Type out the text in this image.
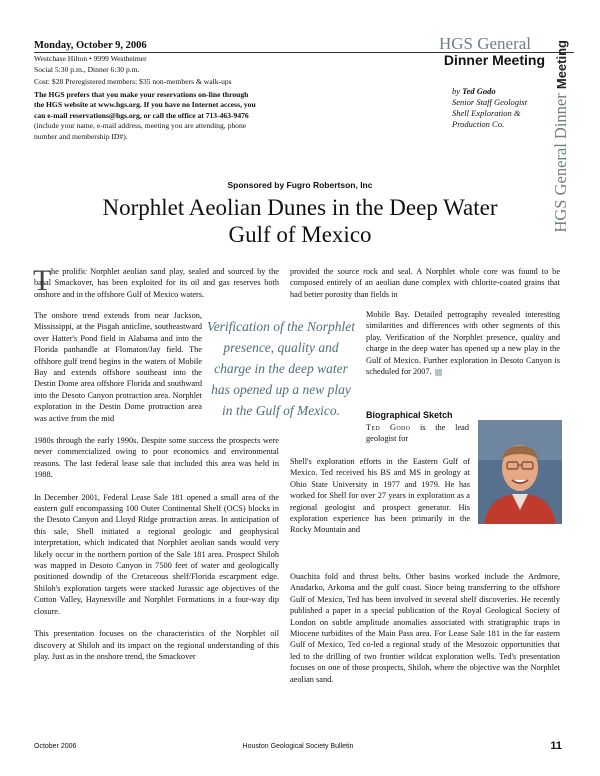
Monday, October 9, 2006

Westchase Hilton • 9999 Westheimer

Social 5:30 p.m., Dinner 6:30 p.m.

Cost: $28 Preregistered members; $35 non-members & walk-ups

The HGS prefers that you make your reservations on-line through

the HGS website at www.hgs.org. If you have no Internet access, you

can e-mail reservations@hgs.org, or call the office at 713-463-9476

(include your name, e-mail address, meeting you are attending, phone

number and membership ID#).

HGS General
Dinner Meeting
HGS General Dinner Meeting
by Ted Godo
Senior Staff Geologist
Shell Exploration &
Production Co.
Sponsored by Fugro Robertson, Inc
Norphlet Aeolian Dunes in the Deep Water
Gulf of Mexico
T he prolific Norphlet aeolian sand play, sealed and sourced by the basal Smackover, has been exploited for its oil and gas reserves both onshore and in the offshore Gulf of Mexico waters.

The onshore trend extends from near Jackson, Mississippi, at the Pisgah anticline, southeastward over Hatter's Pond field in Alabama and into the Florida panhandle at Flomaton/Jay field. The offshore gulf trend begins in the waters of Mobile Bay and extends offshore southeast into the Destin Dome area offshore Florida and southward into the Desoto Canyon protraction area. Norphlet exploration in the Destin Dome protraction area was active from the mid

Verification of the Norphlet presence, quality and charge in the deep water has opened up a new play in the Gulf of Mexico.

1980s through the early 1990s. Despite some success the prospects were never commercialized owing to poor economics and environmental reasons. The last federal lease sale that included this area was held in 1988.

In December 2001, Federal Lease Sale 181 opened a small area of the eastern gulf encompassing 100 Outer Continental Shelf (OCS) blocks in the Desoto Canyon and Lloyd Ridge protraction areas. In anticipation of this sale, Shell initiated a regional geologic and geophysical interpretation, which indicated that Norphlet aeolian sands would very likely occur in the northern portion of the Sale 181 area. Prospect Shiloh was mapped in Desoto Canyon in 7500 feet of water and geologically positioned downdip of the Cretaceous shelf/Florida escarpment edge. Shiloh's exploration targets were stacked Jurassic age objectives of the Cotton Valley, Haynesville and Norphlet Formations in a four-way dip closure.

This presentation focuses on the characteristics of the Norphlet oil discovery at Shiloh and its impact on the regional understanding of this play. Just as in the onshore trend, the Smackover

provided the source rock and seal. A Norphlet whole core was found to be composed entirely of an aeolian dune complex with chlorite-coated grains that had better porosity than fields in

Mobile Bay. Detailed petrography revealed interesting similarities and differences with other segments of this play. Verification of the Norphlet presence, quality and charge in the deep water has opened up a new play in the Gulf of Mexico. Further exploration in Desoto Canyon is scheduled for 2007.

Biographical Sketch

Ted Godo is the lead geologist for

Shell's exploration efforts in the Eastern Gulf of Mexico. Ted received his BS and MS in geology at Ohio State University in 1977 and 1979. He has worked for Shell for over 27 years in exploration as a regional geologist and prospect generator. His exploration experience has been primarily in the Rocky Mountain and

Ouachita fold and thrust belts. Other basins worked include the Ardmore, Anadarko, Arkoma and the gulf coast. Since being transferring to the offshore Gulf of Mexico, Ted has been involved in several shelf discoveries. He recently published a paper in a special publication of the Royal Geological Society of London on subtle amplitude anomalies associated with stratigraphic traps in Miocene turbidites of the Main Pass area. For Lease Sale 181 in the far eastern Gulf of Mexico, Ted co-led a regional study of the Mesozoic opportunities that led to the drilling of two frontier wildcat exploration wells. Ted's presentation focuses on one of those prospects, Shiloh, where the objective was the Norphlet aeolian sand.

October 2006	Houston Geological Society Bulletin	11
